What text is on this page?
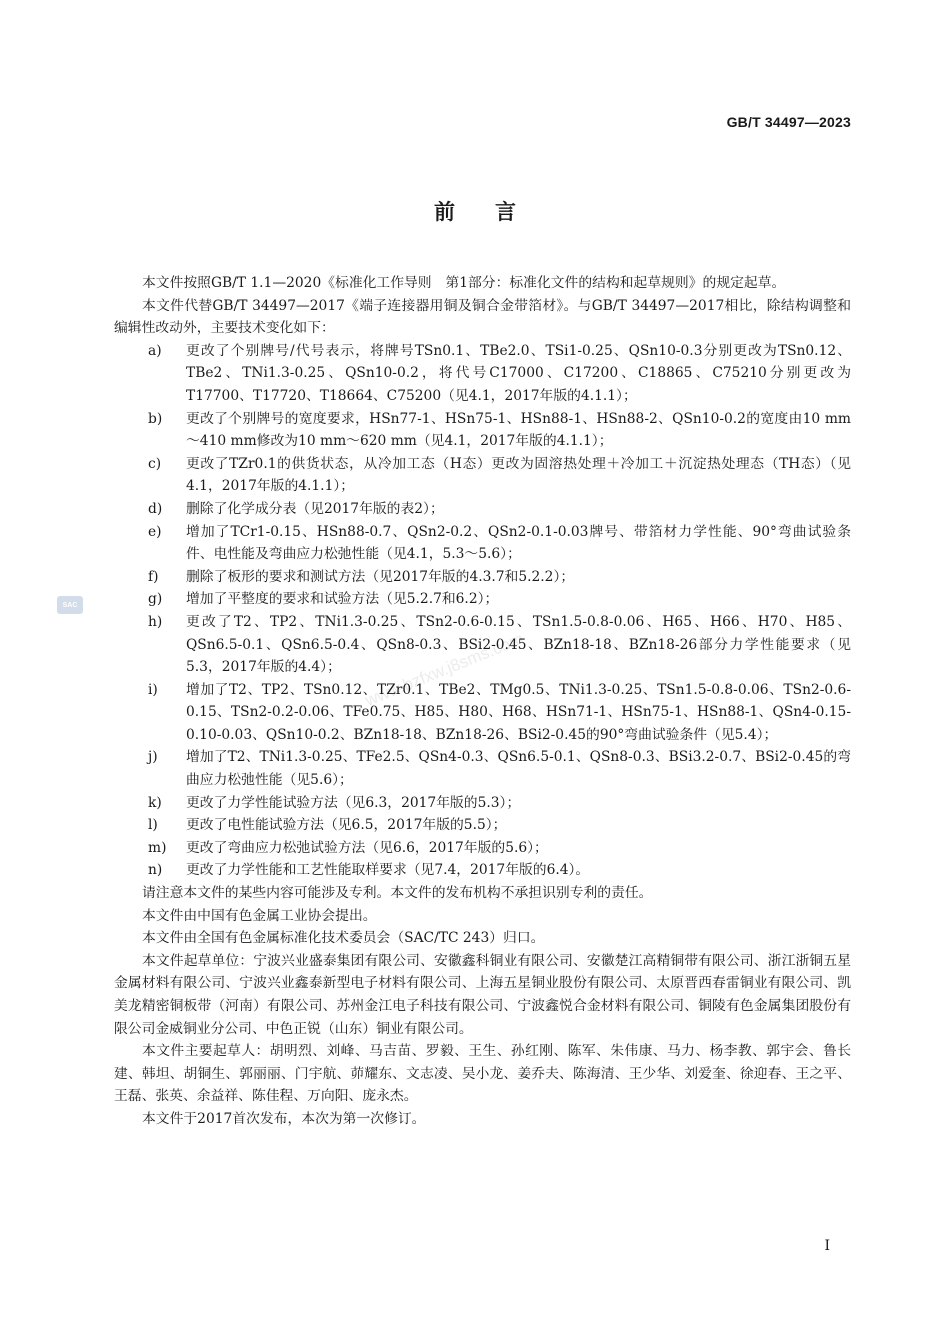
GB/T 34497—2023
前言
SAC
www.bzfxw.j8sms.com

本文件按照GB/T 1.1—2020《标准化工作导则　第1部分：标准化文件的结构和起草规则》的规定起草。

本文件代替GB/T 34497—2017《端子连接器用铜及铜合金带箔材》。与GB/T 34497—2017相比，除结构调整和编辑性改动外，主要技术变化如下：

a)	更改了个别牌号/代号表示，将牌号TSn0.1、TBe2.0、TSi1-0.25、QSn10-0.3分别更改为TSn0.12、TBe2、TNi1.3-0.25、QSn10-0.2，将代号C17000、C17200、C18865、C75210分别更改为T17700、T17720、T18664、C75200（见4.1，2017年版的4.1.1）；
b)	更改了个别牌号的宽度要求，HSn77-1、HSn75-1、HSn88-1、HSn88-2、QSn10-0.2的宽度由10 mm～410 mm修改为10 mm～620 mm（见4.1，2017年版的4.1.1）；
c)	更改了TZr0.1的供货状态，从冷加工态（H态）更改为固溶热处理＋冷加工＋沉淀热处理态（TH态）（见4.1，2017年版的4.1.1）；
d)	删除了化学成分表（见2017年版的表2）；
e)	增加了TCr1-0.15、HSn88-0.7、QSn2-0.2、QSn2-0.1-0.03牌号、带箔材力学性能、90°弯曲试验条件、电性能及弯曲应力松弛性能（见4.1，5.3～5.6）；
f)	删除了板形的要求和测试方法（见2017年版的4.3.7和5.2.2）；
g)	增加了平整度的要求和试验方法（见5.2.7和6.2）；
h)	更改了T2、TP2、TNi1.3-0.25、TSn2-0.6-0.15、TSn1.5-0.8-0.06、H65、H66、H70、H85、QSn6.5-0.1、QSn6.5-0.4、QSn8-0.3、BSi2-0.45、BZn18-18、BZn18-26部分力学性能要求（见5.3，2017年版的4.4）；
i)	增加了T2、TP2、TSn0.12、TZr0.1、TBe2、TMg0.5、TNi1.3-0.25、TSn1.5-0.8-0.06、TSn2-0.6-0.15、TSn2-0.2-0.06、TFe0.75、H85、H80、H68、HSn71-1、HSn75-1、HSn88-1、QSn4-0.15-0.10-0.03、QSn10-0.2、BZn18-18、BZn18-26、BSi2-0.45的90°弯曲试验条件（见5.4）；
j)	增加了T2、TNi1.3-0.25、TFe2.5、QSn4-0.3、QSn6.5-0.1、QSn8-0.3、BSi3.2-0.7、BSi2-0.45的弯曲应力松弛性能（见5.6）；
k)	更改了力学性能试验方法（见6.3，2017年版的5.3）；
l)	更改了电性能试验方法（见6.5，2017年版的5.5）；
m)	更改了弯曲应力松弛试验方法（见6.6，2017年版的5.6）；
n)	更改了力学性能和工艺性能取样要求（见7.4，2017年版的6.4）。

请注意本文件的某些内容可能涉及专利。本文件的发布机构不承担识别专利的责任。

本文件由中国有色金属工业协会提出。

本文件由全国有色金属标准化技术委员会（SAC/TC 243）归口。

本文件起草单位：宁波兴业盛泰集团有限公司、安徽鑫科铜业有限公司、安徽楚江高精铜带有限公司、浙江浙铜五星金属材料有限公司、宁波兴业鑫泰新型电子材料有限公司、上海五星铜业股份有限公司、太原晋西春雷铜业有限公司、凯美龙精密铜板带（河南）有限公司、苏州金江电子科技有限公司、宁波鑫悦合金材料有限公司、铜陵有色金属集团股份有限公司金威铜业分公司、中色正锐（山东）铜业有限公司。

本文件主要起草人：胡明烈、刘峰、马吉苗、罗毅、王生、孙红刚、陈军、朱伟康、马力、杨李教、郭宇会、鲁长建、韩坦、胡铜生、郭丽丽、门宇航、茆耀东、文志凌、吴小龙、姜乔夫、陈海清、王少华、刘爱奎、徐迎春、王之平、王磊、张英、余益祥、陈佳程、万向阳、庞永杰。

本文件于2017首次发布，本次为第一次修订。

I
